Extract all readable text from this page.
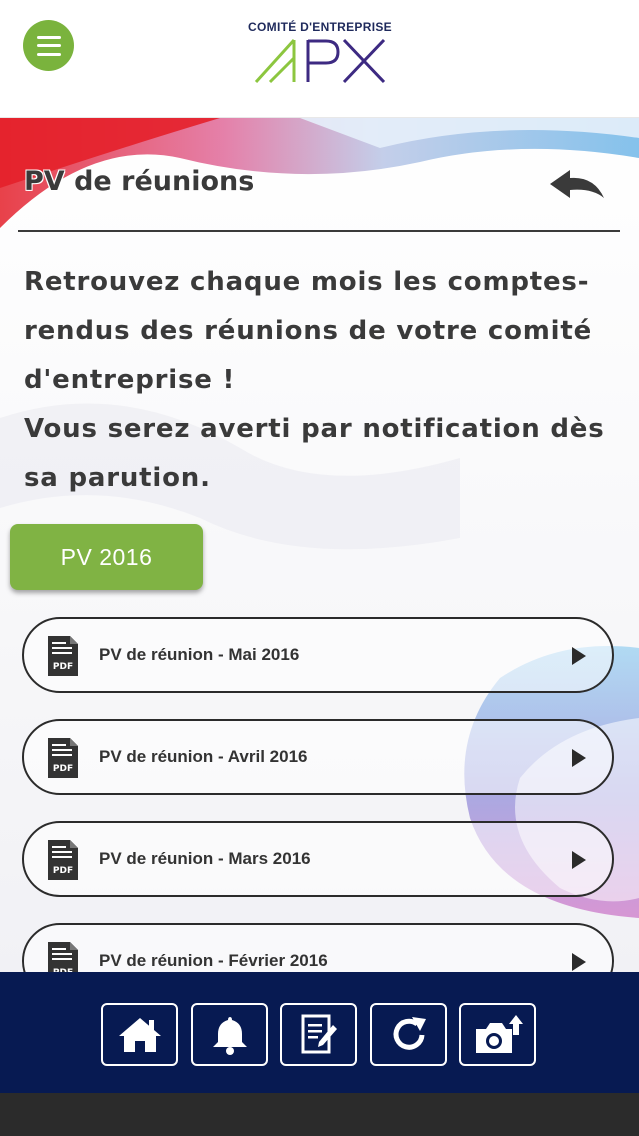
COMITÉ D'ENTREPRISE
PV de réunions

Retrouvez chaque mois les comptes-rendus des réunions de votre comité d'entreprise !

Vous serez averti par notification dès sa parution.

PV 2016
PDF
PV de réunion - Mai 2016
PDF
PV de réunion - Avril 2016
PDF
PV de réunion - Mars 2016
PV de réunion - Février 2016
